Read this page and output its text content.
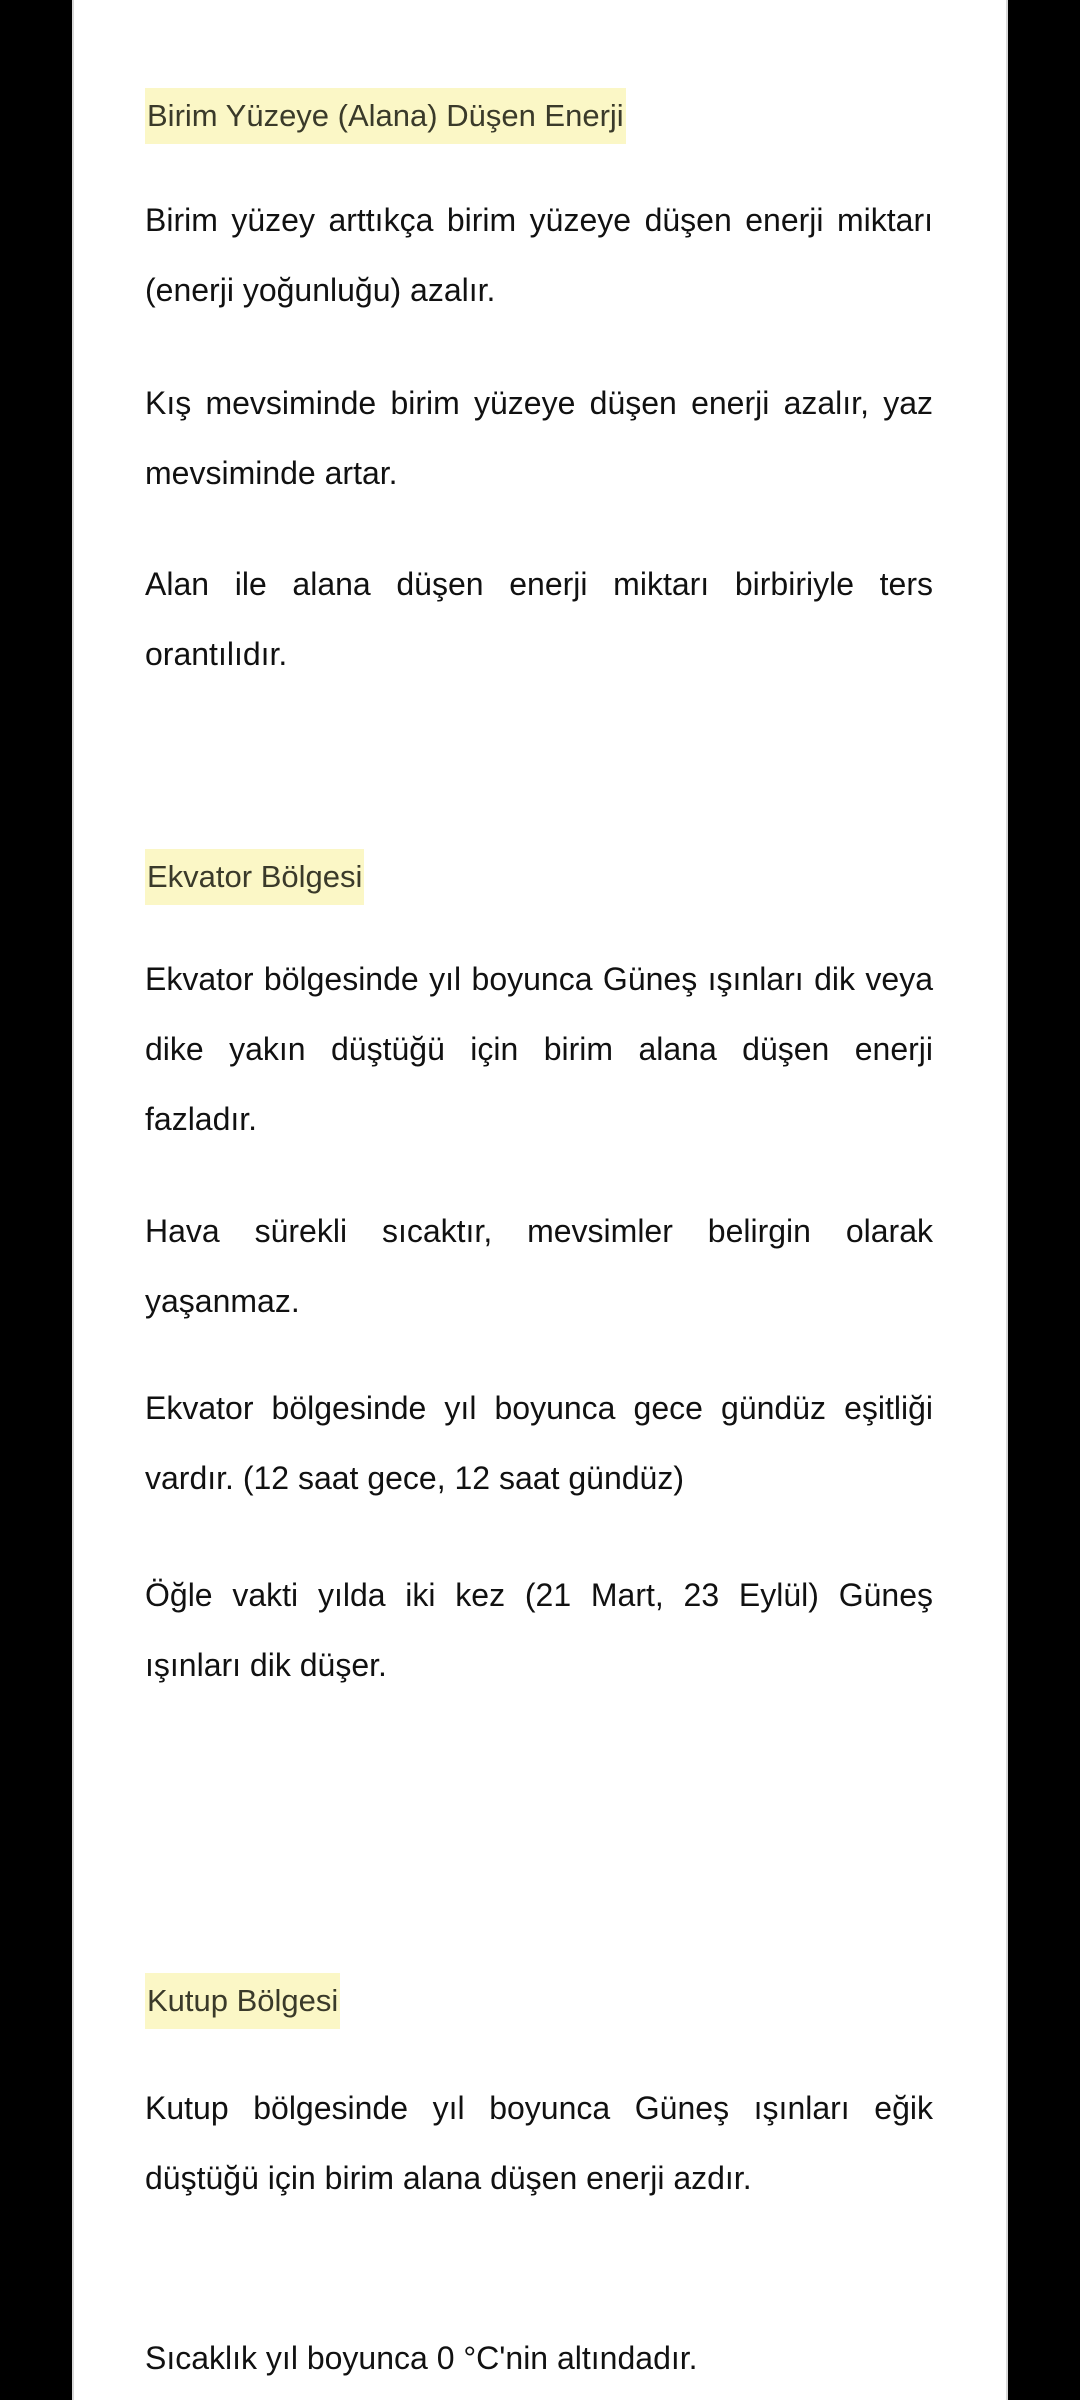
Birim Yüzeye (Alana) Düşen Enerji
Birim yüzey arttıkça birim yüzeye düşen enerji miktarı (enerji yoğunluğu) azalır.
Kış mevsiminde birim yüzeye düşen enerji azalır, yaz mevsiminde artar.
Alan ile alana düşen enerji miktarı birbiriyle ters orantılıdır.
Ekvator Bölgesi
Ekvator bölgesinde yıl boyunca Güneş ışınları dik veya dike yakın düştüğü için birim alana düşen enerji fazladır.
Hava sürekli sıcaktır, mevsimler belirgin olarak yaşanmaz.
Ekvator bölgesinde yıl boyunca gece gündüz eşitliği vardır. (12 saat gece, 12 saat gündüz)
Öğle vakti yılda iki kez (21 Mart, 23 Eylül) Güneş ışınları dik düşer.
Kutup Bölgesi
Kutup bölgesinde yıl boyunca Güneş ışınları eğik düştüğü için birim alana düşen enerji azdır.
Sıcaklık yıl boyunca 0 °C'nin altındadır.
